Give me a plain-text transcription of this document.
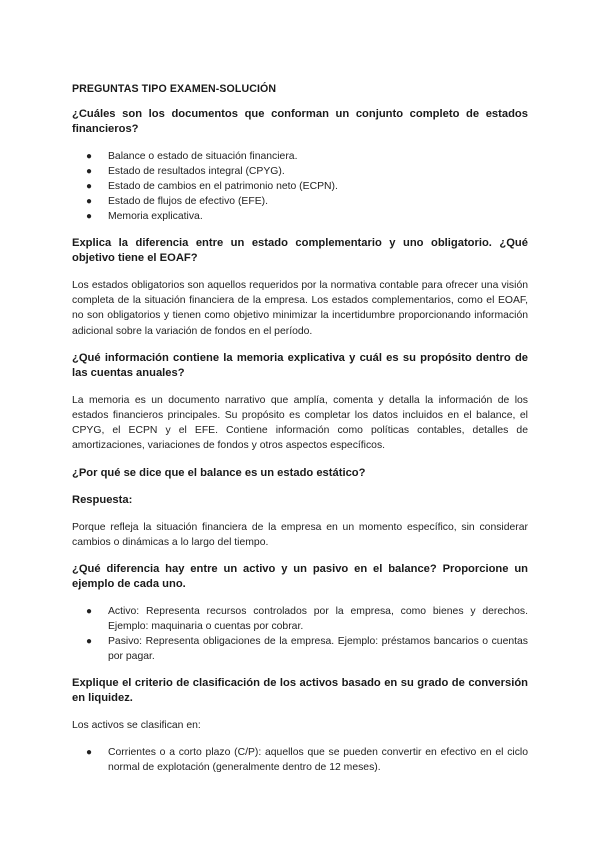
PREGUNTAS TIPO EXAMEN-SOLUCIÓN
¿Cuáles son los documentos que conforman un conjunto completo de estados financieros?
● Balance o estado de situación financiera.
● Estado de resultados integral (CPYG).
● Estado de cambios en el patrimonio neto (ECPN).
● Estado de flujos de efectivo (EFE).
● Memoria explicativa.
Explica la diferencia entre un estado complementario y uno obligatorio. ¿Qué objetivo tiene el EOAF?
Los estados obligatorios son aquellos requeridos por la normativa contable para ofrecer una visión completa de la situación financiera de la empresa. Los estados complementarios, como el EOAF, no son obligatorios y tienen como objetivo minimizar la incertidumbre proporcionando información adicional sobre la variación de fondos en el período.
¿Qué información contiene la memoria explicativa y cuál es su propósito dentro de las cuentas anuales?
La memoria es un documento narrativo que amplía, comenta y detalla la información de los estados financieros principales. Su propósito es completar los datos incluidos en el balance, el CPYG, el ECPN y el EFE. Contiene información como políticas contables, detalles de amortizaciones, variaciones de fondos y otros aspectos específicos.
¿Por qué se dice que el balance es un estado estático?
Respuesta:
Porque refleja la situación financiera de la empresa en un momento específico, sin considerar cambios o dinámicas a lo largo del tiempo.
¿Qué diferencia hay entre un activo y un pasivo en el balance? Proporcione un ejemplo de cada uno.
● Activo: Representa recursos controlados por la empresa, como bienes y derechos. Ejemplo: maquinaria o cuentas por cobrar.
● Pasivo: Representa obligaciones de la empresa. Ejemplo: préstamos bancarios o cuentas por pagar.
Explique el criterio de clasificación de los activos basado en su grado de conversión en liquidez.
Los activos se clasifican en:
● Corrientes o a corto plazo (C/P): aquellos que se pueden convertir en efectivo en el ciclo normal de explotación (generalmente dentro de 12 meses).
